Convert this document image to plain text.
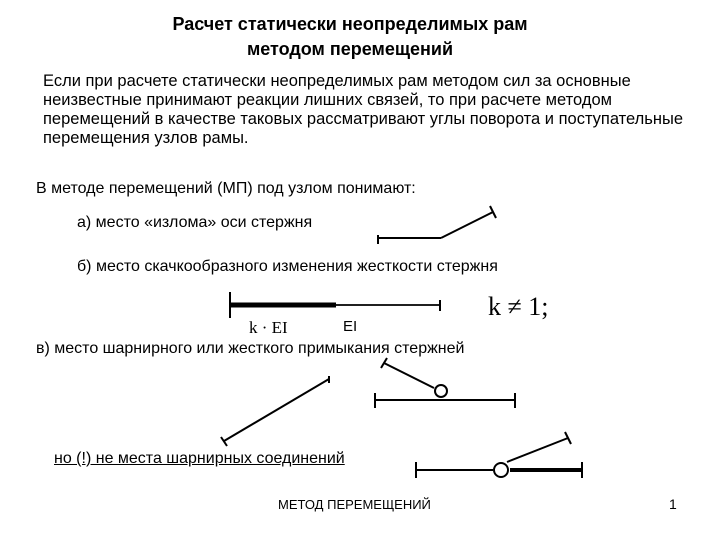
Расчет статически неопределимых рам
методом перемещений
Если при расчете статически неопределимых рам методом сил за основные неизвестные принимают реакции лишних связей, то при расчете методом перемещений в качестве таковых рассматривают углы поворота и поступательные перемещения узлов рамы.
В методе перемещений (МП) под узлом понимают:
а) место «излома» оси стержня
б) место скачкообразного изменения жесткости стержня
k · EI	EI
k ≠ 1;
в) место шарнирного или жесткого примыкания стержней
но (!) не места шарнирных соединений
МЕТОД ПЕРЕМЕЩЕНИЙ	1
